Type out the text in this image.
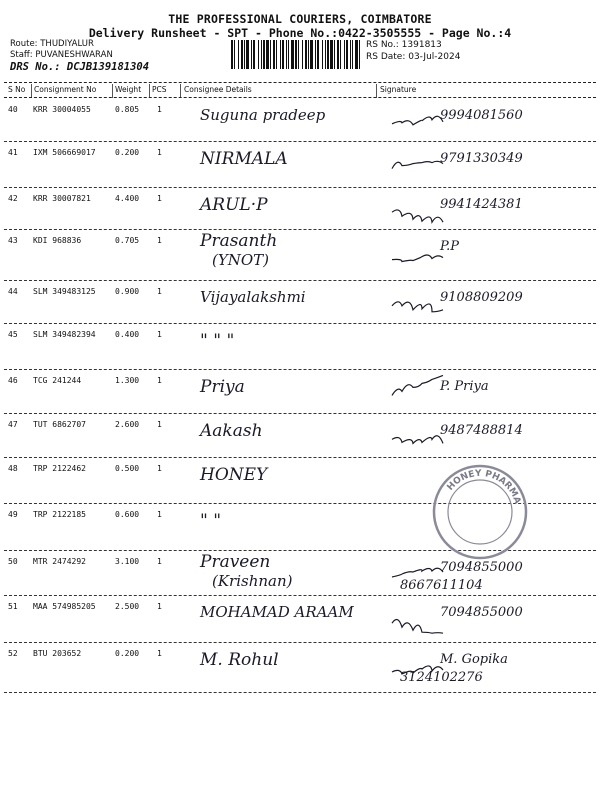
THE PROFESSIONAL COURIERS, COIMBATORE
Delivery Runsheet - SPT - Phone No.:0422-3505555 - Page No.:4
Route: THUDIYALUR
Staff: PUVANESHWARAN
DRS No.: DCJB139181304
RS No.: 1391813
RS Date: 03-Jul-2024
S No Consignment No Weight PCS Consignee Details	Signature
40 KRR 30004055	0.805 1	Suguna pradeep	9994081560
41 IXM 506669017 0.200 1 NIRMALA	9791330349
42 KRR 30007821	4.400 1 ARUL·P	9941424381
43 KDI 968836	0.705 1 Prasanth
(YNOT)
P.P
44 SLM 349483125 0.900 1	Vijayalakshmi	9108809209
45 SLM 349482394 0.400 1 " " "
46 TCG 241244	1.300 1 Priya	P. Priya
47 TUT 6862707	2.600 1 Aakash	9487488814
48 TRP 2122462	0.500 1 HONEY
49 TRP 2122185	0.600 1 " "
50 MTR 2474292	3.100 1 Praveen
(Krishnan)
7094855000
8667611104
51 MAA 574985205 2.500 1	MOHAMAD ARAAM	7094855000
52 BTU 203652	0.200 1 M. Rohul	M. Gopika
3124102276
HONEY PHARMA
